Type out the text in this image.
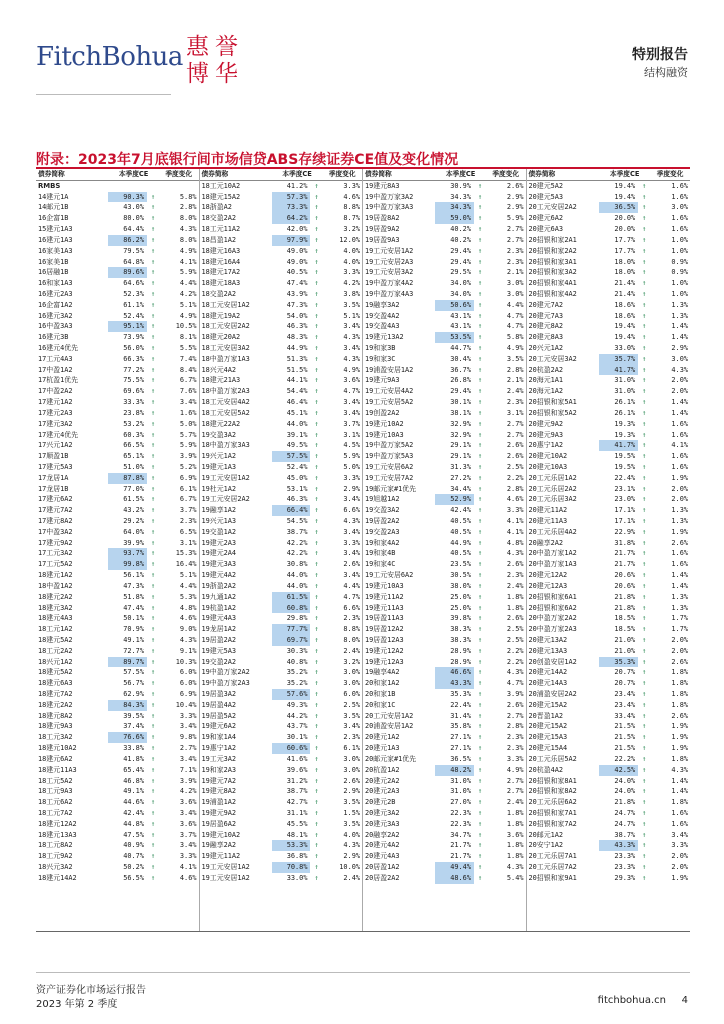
FitchBohua 惠 誉
博 华
特别报告
结构融资
附录：2023年7月底银行间市场信贷ABS存续证券CE值及变化情况
债券简称	本季度CE	季度变化
RMBS
14建元1A	90.3% ↑	5.8%
14邮元1B	43.0% ↑	2.8%
16企富1B	80.0% ↑	8.0%
15建元1A3	64.4% ↑	4.3%
16建元1A3	86.2% ↑	8.0%
16家美1A3	79.5% ↑	4.9%
16家美1B	64.8% ↑	4.1%
16居融1B	89.6% ↑	5.9%
16和家1A3	64.6% ↑	4.4%
16建元2A3	52.3% ↑	4.2%
16企富1A2	61.1% ↑	5.1%
16建元3A2	52.4% ↑	4.9%
16中盈3A3	95.1% ↑	10.5%
16建元3B	73.9% ↑	8.1%
16建元4优先	56.0% ↑	5.5%
17工元4A3	66.3% ↑	7.4%
17中盈1A2	77.2% ↑	8.4%
17杭盈1优先	75.5% ↑	6.7%
17中盈2A2	69.6% ↑	7.6%
17建元1A2	33.3% ↑	3.4%
17建元2A3	23.8% ↑	1.6%
17建元3A2	53.2% ↑	5.0%
17建元4优先	60.3% ↑	5.7%
17兴元1A2	66.5% ↑	5.9%
17顺盈1B	65.1% ↑	3.9%
17建元5A3	51.0% ↑	5.2%
17龙居1A	87.8% ↑	6.9%
17龙居1B	77.0% ↑	6.1%
17建元6A2	61.5% ↑	6.7%
17建元7A2	43.2% ↑	3.7%
17建元8A2	29.2% ↑	2.3%
17中盈3A2	64.0% ↑	6.5%
17建元9A2	39.9% ↑	3.1%
17工元3A2	93.7% ↑	15.3%
17工元5A2	99.8% ↑	16.4%
18建元1A2	56.1% ↑	5.1%
18中盈1A2	47.3% ↑	4.4%
18建元2A2	51.8% ↑	5.3%
18建元3A2	47.4% ↑	4.8%
18建元4A3	50.1% ↑	4.6%
18工元1A2	70.9% ↑	9.0%
18建元5A2	49.1% ↑	4.3%
18工元2A2	72.7% ↑	9.1%
18兴元1A2	89.7% ↑	10.3%
18建元5A2	57.5% ↑	6.0%
18建元6A3	56.7% ↑	6.0%
18建元7A2	62.9% ↑	6.9%
18建元2A2	84.3% ↑	10.4%
18建元8A2	39.5% ↑	3.3%
18建元9A3	37.4% ↑	3.4%
18工元3A2	76.6% ↑	9.8%
18建元10A2	33.8% ↑	2.7%
18建元6A2	41.8% ↑	3.4%
18建元11A3	65.4% ↑	7.1%
18工元5A2	46.8% ↑	3.9%
18工元9A3	49.1% ↑	4.2%
18工元6A2	44.6% ↑	3.6%
18工元7A2	42.4% ↑	3.4%
18建元12A2	44.8% ↑	3.6%
18建元13A3	47.5% ↑	3.7%
18工元8A2	40.9% ↑	3.4%
18工元9A2	40.7% ↑	3.3%
18兴元3A2	50.2% ↑	4.1%
18建元14A2	56.5% ↑	4.6%
债券简称	本季度CE	季度变化
18工元10A2	41.2% ↑	3.3%
18建元15A2	57.3% ↑	4.6%
18浙盈A2	73.3% ↑	8.8%
18交盈2A2	64.2% ↑	8.7%
18工元11A2	42.0% ↑	3.2%
18昌盈1A2	97.9% ↑	12.0%
18建元16A3	49.0% ↑	4.0%
18建元16A4	49.0% ↑	4.0%
18建元17A2	40.5% ↑	3.3%
18建元18A3	47.4% ↑	4.2%
18交盈2A2	43.9% ↑	3.8%
18工元安居1A2	47.3% ↑	3.5%
18建元19A2	54.0% ↑	5.1%
18工元安居2A2	46.3% ↑	3.4%
18建元20A2	48.3% ↑	4.3%
18工元安居3A2	44.9% ↑	3.4%
18中盈万家1A3	51.3% ↑	4.3%
18兴元4A2	51.5% ↑	4.9%
18建元21A3	44.1% ↑	3.6%
18中盈万家2A3	54.4% ↑	4.7%
18工元安居4A2	46.4% ↑	3.4%
18工元安居5A2	45.1% ↑	3.4%
18建元22A2	44.0% ↑	3.7%
19交盈3A2	39.1% ↑	3.1%
18中盈万家3A3	49.5% ↑	4.5%
19兴元1A2	57.5% ↑	5.9%
19建元1A3	52.4% ↑	5.0%
19工元安居1A2	45.0% ↑	3.3%
19杜元1A2	53.1% ↑	2.9%
19工元安居2A2	46.3% ↑	3.4%
19融享1A2	66.4% ↑	6.6%
19兴元1A3	54.5% ↑	4.3%
19交盈1A2	38.7% ↑	3.4%
19建元2A3	42.2% ↑	3.3%
19建元2A4	42.2% ↑	3.4%
19建元3A3	30.8% ↑	2.6%
19建元4A2	44.0% ↑	3.4%
19浙盈2A2	44.0% ↑	4.4%
19九通1A2	61.5% ↑	4.7%
19杭盈1A2	60.8% ↑	6.6%
19建元4A3	29.8% ↑	2.3%
19龙居1A2	77.7% ↑	8.8%
19居盈2A2	69.7% ↑	8.0%
19建元5A3	30.3% ↑	2.4%
19交盈2A2	40.8% ↑	3.2%
19中盈万家2A2	35.2% ↑	3.0%
19中盈万家2A3	35.2% ↑	3.0%
19居盈3A2	57.6% ↑	6.0%
19居盈4A2	49.3% ↑	2.5%
19居盈5A2	44.2% ↑	3.5%
19建元6A2	43.7% ↑	3.4%
19和家1A4	30.1% ↑	2.3%
19惠宁1A2	60.6% ↑	6.1%
19工元3A2	41.6% ↑	3.0%
19和家2A3	39.6% ↑	3.0%
19建元7A2	31.2% ↑	2.6%
19建元8A2	38.7% ↑	2.9%
19浦盈1A2	42.7% ↑	3.5%
19建元9A2	31.1% ↑	1.5%
19居盈6A2	45.5% ↑	3.5%
19建元10A2	48.1% ↑	4.0%
19融享2A2	53.3% ↑	4.3%
19建元11A2	36.8% ↑	2.9%
19工元安居1A2	70.8% ↑	10.0%
19工元安居1A2	33.0% ↑	2.4%
债券简称	本季度CE	季度变化
19建元8A3	30.9% ↑	2.6%
19中盈万家3A2	34.3% ↑	2.9%
19中盈万家3A3	34.3% ↑	2.9%
19居盈8A2	59.0% ↑	5.9%
19居盈9A2	40.2% ↑	2.7%
19居盈9A3	40.2% ↑	2.7%
19工元安居1A2	29.4% ↑	2.3%
19工元安居2A3	29.4% ↑	2.3%
19工元安居3A2	29.5% ↑	2.1%
19中盈万家4A2	34.0% ↑	3.0%
19中盈万家4A3	34.0% ↑	3.0%
19融享3A2	50.6% ↑	4.4%
19交盈4A2	43.1% ↑	4.7%
19交盈4A3	43.1% ↑	4.7%
19建元13A2	53.5% ↑	5.8%
19和家3B	44.7% ↑	4.9%
19和家3C	30.4% ↑	3.5%
19浦盈安居1A2	36.7% ↑	2.8%
19建元9A3	26.8% ↑	2.1%
19工元安居4A2	29.4% ↑	2.4%
19工元安居5A2	30.1% ↑	2.3%
19创盈2A2	38.1% ↑	3.1%
19建元10A2	32.9% ↑	2.7%
19建元10A3	32.9% ↑	2.7%
19中盈万家5A2	29.1% ↑	2.6%
19中盈万家5A3	29.1% ↑	2.6%
19工元安居6A2	31.3% ↑	2.5%
19工元安居7A2	27.2% ↑	2.2%
19邮元家#1优先	34.4% ↑	2.8%
19旭越1A2	52.9% ↑	4.6%
19交盈3A2	42.4% ↑	3.3%
19居盈2A2	40.5% ↑	4.1%
19交盈2A3	40.5% ↑	4.1%
19和家4A2	44.9% ↑	4.8%
19和家4B	40.5% ↑	4.3%
19和家4C	23.5% ↑	2.6%
19工元安居6A2	30.5% ↑	2.3%
19建元10A3	38.0% ↑	2.4%
19建元11A2	25.0% ↑	1.8%
19建元11A3	25.0% ↑	1.8%
19居盈11A3	39.8% ↑	2.6%
19居盈12A2	38.3% ↑	2.5%
19居盈12A3	38.3% ↑	2.5%
19建元12A2	28.9% ↑	2.2%
19建元12A3	28.9% ↑	2.2%
19融享4A2	46.6% ↑	4.3%
20和家1A2	43.3% ↑	4.7%
20和家1B	35.3% ↑	3.9%
20和家1C	22.4% ↑	2.6%
20工元安居1A2	31.4% ↑	2.7%
20浦盈安居1A2	35.8% ↑	2.8%
20建元1A2	27.1% ↑	2.3%
20建元1A3	27.1% ↑	2.3%
20邮元家#1优先	36.5% ↑	3.3%
20杭盈1A2	48.2% ↑	4.9%
20建元2A2	31.0% ↑	2.7%
20建元2A3	31.0% ↑	2.7%
20建元2B	27.0% ↑	2.4%
20建元3A2	22.3% ↑	1.8%
20建元3A3	22.3% ↑	1.8%
20融享2A2	34.7% ↑	3.6%
20建元4A2	21.7% ↑	1.8%
20建元4A3	21.7% ↑	1.8%
20居盈1A2	49.4% ↑	4.3%
20居盈2A2	48.6% ↑	5.4%
债券简称	本季度CE	季度变化
20建元5A2	19.4% ↑	1.6%
20建元5A3	19.4% ↑	1.6%
20工元安居2A2	36.5% ↑	3.0%
20建元6A2	20.0% ↑	1.6%
20建元6A3	20.0% ↑	1.6%
20招银和家2A1	17.7% ↑	1.0%
20招银和家2A2	17.7% ↑	1.0%
20招银和家3A1	18.0% ↑	0.9%
20招银和家3A2	18.0% ↑	0.9%
20招银和家4A1	21.4% ↑	1.0%
20招银和家4A2	21.4% ↑	1.0%
20建元7A2	18.6% ↑	1.3%
20建元7A3	18.6% ↑	1.3%
20建元8A2	19.4% ↑	1.4%
20建元8A3	19.4% ↑	1.4%
20兴元1A2	33.0% ↑	2.9%
20工元安居3A2	35.7% ↑	3.0%
20杭盈2A2	41.7% ↑	4.3%
20海元1A1	31.0% ↑	2.0%
20海元1A2	31.0% ↑	2.0%
20招银和家5A1	26.1% ↑	1.4%
20招银和家5A2	26.1% ↑	1.4%
20建元9A2	19.3% ↑	1.6%
20建元9A3	19.3% ↑	1.6%
20惠宁1A2	41.7% ↑	4.1%
20建元10A2	19.5% ↑	1.6%
20建元10A3	19.5% ↑	1.6%
20工元乐居1A2	22.4% ↑	1.9%
20工元乐居2A2	23.1% ↑	2.0%
20工元乐居3A2	23.0% ↑	2.0%
20建元11A2	17.1% ↑	1.3%
20建元11A3	17.1% ↑	1.3%
20工元乐居4A2	22.9% ↑	1.9%
20融享2A2	31.8% ↑	2.6%
20中盈万家1A2	21.7% ↑	1.6%
20中盈万家1A3	21.7% ↑	1.6%
20建元12A2	20.6% ↑	1.4%
20建元12A3	20.6% ↑	1.4%
20招银和家6A1	21.8% ↑	1.3%
20招银和家6A2	21.8% ↑	1.3%
20中盈万家2A2	18.5% ↑	1.7%
20中盈万家2A3	18.5% ↑	1.7%
20建元13A2	21.0% ↑	2.0%
20建元13A3	21.0% ↑	2.0%
20创盈安居1A2	35.3% ↑	2.6%
20建元14A2	20.7% ↑	1.8%
20建元14A3	20.7% ↑	1.8%
20浦盈安居2A2	23.4% ↑	1.8%
20建元15A2	23.4% ↑	1.8%
20晋盈1A2	33.4% ↑	2.6%
20建元15A2	21.5% ↑	1.9%
20建元15A3	21.5% ↑	1.9%
20建元15A4	21.5% ↑	1.9%
20工元乐居5A2	22.2% ↑	1.8%
20杭盈4A2	42.5% ↑	4.3%
20招银和家8A1	24.0% ↑	1.4%
20招银和家8A2	24.0% ↑	1.4%
20工元乐居6A2	21.8% ↑	1.8%
20招银和家7A1	24.7% ↑	1.6%
20招银和家7A2	24.7% ↑	1.6%
20邮元1A2	38.7% ↑	3.4%
20安宁1A2	43.3% ↑	3.3%
20工元乐居7A1	23.3% ↑	2.0%
20工元乐居7A2	23.3% ↑	2.0%
20招银和家9A1	29.3% ↑	1.9%
资产证券化市场运行报告
2023 年第 2 季度	fitchbohua.cn 4
